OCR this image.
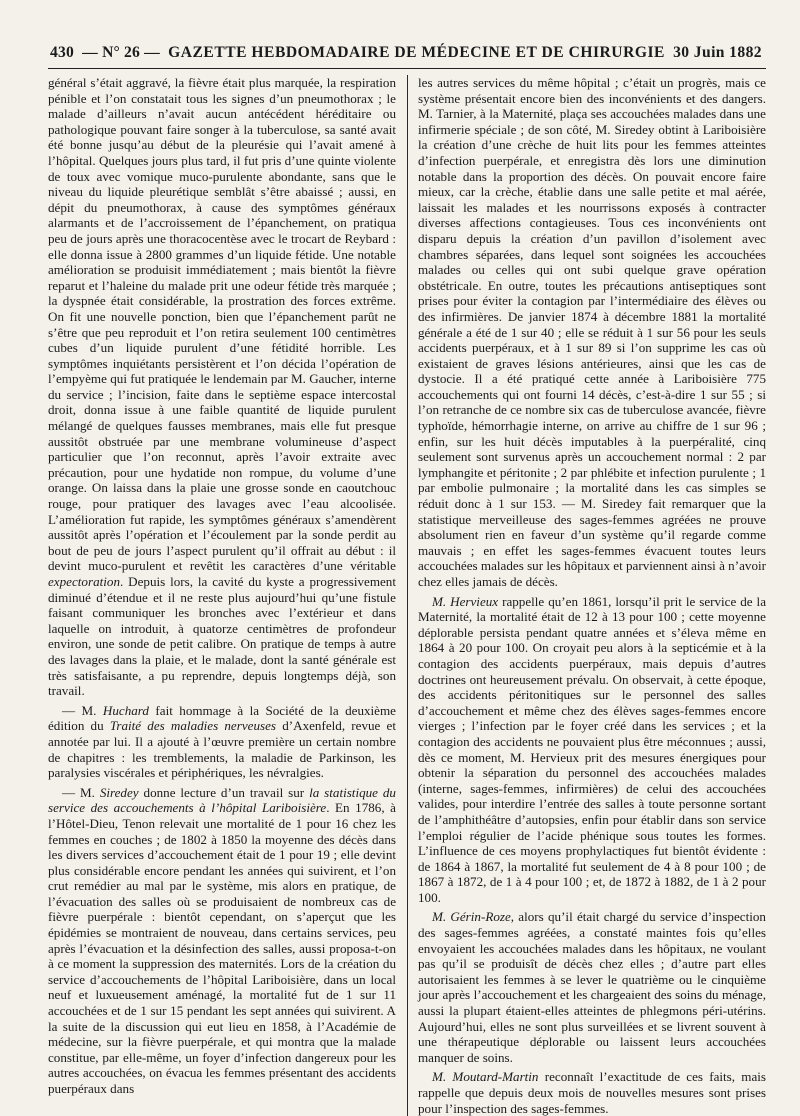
430 — N° 26 — GAZETTE HEBDOMADAIRE DE MÉDECINE ET DE CHIRURGIE 30 Juin 1882

général s’était aggravé, la fièvre était plus marquée, la respiration pénible et l’on constatait tous les signes d’un pneumothorax ; le malade d’ailleurs n’avait aucun antécédent héréditaire ou pathologique pouvant faire songer à la tuberculose, sa santé avait été bonne jusqu’au début de la pleurésie qui l’avait amené à l’hôpital. Quelques jours plus tard, il fut pris d’une quinte violente de toux avec vomique muco-purulente abondante, sans que le niveau du liquide pleurétique semblât s’être abaissé ; aussi, en dépit du pneumothorax, à cause des symptômes généraux alarmants et de l’accroissement de l’épanchement, on pratiqua peu de jours après une thoracocentèse avec le trocart de Reybard : elle donna issue à 2800 grammes d’un liquide fétide. Une notable amélioration se produisit immédiatement ; mais bientôt la fièvre reparut et l’haleine du malade prit une odeur fétide très marquée ; la dyspnée était considérable, la prostration des forces extrême. On fit une nouvelle ponction, bien que l’épanchement parût ne s’être que peu reproduit et l’on retira seulement 100 centimètres cubes d’un liquide purulent d’une fétidité horrible. Les symptômes inquiétants persistèrent et l’on décida l’opération de l’empyème qui fut pratiquée le lendemain par M. Gaucher, interne du service ; l’incision, faite dans le septième espace intercostal droit, donna issue à une faible quantité de liquide purulent mélangé de quelques fausses membranes, mais elle fut presque aussitôt obstruée par une membrane volumineuse d’aspect particulier que l’on reconnut, après l’avoir extraite avec précaution, pour une hydatide non rompue, du volume d’une orange. On laissa dans la plaie une grosse sonde en caoutchouc rouge, pour pratiquer des lavages avec l’eau alcoolisée. L’amélioration fut rapide, les symptômes généraux s’amendèrent aussitôt après l’opération et l’écoulement par la sonde perdit au bout de peu de jours l’aspect purulent qu’il offrait au début : il devint muco-purulent et revêtit les caractères d’une véritable expectoration. Depuis lors, la cavité du kyste a progressivement diminué d’étendue et il ne reste plus aujourd’hui qu’une fistule faisant communiquer les bronches avec l’extérieur et dans laquelle on introduit, à quatorze centimètres de profondeur environ, une sonde de petit calibre. On pratique de temps à autre des lavages dans la plaie, et le malade, dont la santé générale est très satisfaisante, a pu reprendre, depuis longtemps déjà, son travail.

— M. Huchard fait hommage à la Société de la deuxième édition du Traité des maladies nerveuses d’Axenfeld, revue et annotée par lui. Il a ajouté à l’œuvre première un certain nombre de chapitres : les tremblements, la maladie de Parkinson, les paralysies viscérales et périphériques, les névralgies.

— M. Siredey donne lecture d’un travail sur la statistique du service des accouchements à l’hôpital Lariboisière. En 1786, à l’Hôtel-Dieu, Tenon relevait une mortalité de 1 pour 16 chez les femmes en couches ; de 1802 à 1850 la moyenne des décès dans les divers services d’accouchement était de 1 pour 19 ; elle devint plus considérable encore pendant les années qui suivirent, et l’on crut remédier au mal par le système, mis alors en pratique, de l’évacuation des salles où se produisaient de nombreux cas de fièvre puerpérale : bientôt cependant, on s’aperçut que les épidémies se montraient de nouveau, dans certains services, peu après l’évacuation et la désinfection des salles, aussi proposa-t-on à ce moment la suppression des maternités. Lors de la création du service d’accouchements de l’hôpital Lariboisière, dans un local neuf et luxueusement aménagé, la mortalité fut de 1 sur 11 accouchées et de 1 sur 15 pendant les sept années qui suivirent. A la suite de la discussion qui eut lieu en 1858, à l’Académie de médecine, sur la fièvre puerpérale, et qui montra que la malade constitue, par elle-même, un foyer d’infection dangereux pour les autres accouchées, on évacua les femmes présentant des accidents puerpéraux dans

les autres services du même hôpital ; c’était un progrès, mais ce système présentait encore bien des inconvénients et des dangers. M. Tarnier, à la Maternité, plaça ses accouchées malades dans une infirmerie spéciale ; de son côté, M. Siredey obtint à Lariboisière la création d’une crèche de huit lits pour les femmes atteintes d’infection puerpérale, et enregistra dès lors une diminution notable dans la proportion des décès. On pouvait encore faire mieux, car la crèche, établie dans une salle petite et mal aérée, laissait les malades et les nourrissons exposés à contracter diverses affections contagieuses. Tous ces inconvénients ont disparu depuis la création d’un pavillon d’isolement avec chambres séparées, dans lequel sont soignées les accouchées malades ou celles qui ont subi quelque grave opération obstétricale. En outre, toutes les précautions antiseptiques sont prises pour éviter la contagion par l’intermédiaire des élèves ou des infirmières. De janvier 1874 à décembre 1881 la mortalité générale a été de 1 sur 40 ; elle se réduit à 1 sur 56 pour les seuls accidents puerpéraux, et à 1 sur 89 si l’on supprime les cas où existaient de graves lésions antérieures, ainsi que les cas de dystocie. Il a été pratiqué cette année à Lariboisière 775 accouchements qui ont fourni 14 décès, c’est-à-dire 1 sur 55 ; si l’on retranche de ce nombre six cas de tuberculose avancée, fièvre typhoïde, hémorrhagie interne, on arrive au chiffre de 1 sur 96 ; enfin, sur les huit décès imputables à la puerpéralité, cinq seulement sont survenus après un accouchement normal : 2 par lymphangite et péritonite ; 2 par phlébite et infection purulente ; 1 par embolie pulmonaire ; la mortalité dans les cas simples se réduit donc à 1 sur 153. — M. Siredey fait remarquer que la statistique merveilleuse des sages-femmes agréées ne prouve absolument rien en faveur d’un système qu’il regarde comme mauvais ; en effet les sages-femmes évacuent toutes leurs accouchées malades sur les hôpitaux et parviennent ainsi à n’avoir chez elles jamais de décès.

M. Hervieux rappelle qu’en 1861, lorsqu’il prit le service de la Maternité, la mortalité était de 12 à 13 pour 100 ; cette moyenne déplorable persista pendant quatre années et s’éleva même en 1864 à 20 pour 100. On croyait peu alors à la septicémie et à la contagion des accidents puerpéraux, mais depuis d’autres doctrines ont heureusement prévalu. On observait, à cette époque, des accidents péritonitiques sur le personnel des salles d’accouchement et même chez des élèves sages-femmes encore vierges ; l’infection par le foyer créé dans les services ; et la contagion des accidents ne pouvaient plus être méconnues ; aussi, dès ce moment, M. Hervieux prit des mesures énergiques pour obtenir la séparation du personnel des accouchées malades (interne, sages-femmes, infirmières) de celui des accouchées valides, pour interdire l’entrée des salles à toute personne sortant de l’amphithéâtre d’autopsies, enfin pour établir dans son service l’emploi régulier de l’acide phénique sous toutes les formes. L’influence de ces moyens prophylactiques fut bientôt évidente : de 1864 à 1867, la mortalité fut seulement de 4 à 8 pour 100 ; de 1867 à 1872, de 1 à 4 pour 100 ; et, de 1872 à 1882, de 1 à 2 pour 100.

M. Gérin-Roze, alors qu’il était chargé du service d’inspection des sages-femmes agréées, a constaté maintes fois qu’elles envoyaient les accouchées malades dans les hôpitaux, ne voulant pas qu’il se produisît de décès chez elles ; d’autre part elles autorisaient les femmes à se lever le quatrième ou le cinquième jour après l’accouchement et les chargeaient des soins du ménage, aussi la plupart étaient-elles atteintes de phlegmons péri-utérins. Aujourd’hui, elles ne sont plus surveillées et se livrent souvent à une thérapeutique déplorable ou laissent leurs accouchées manquer de soins.

M. Moutard-Martin reconnaît l’exactitude de ces faits, mais rappelle que depuis deux mois de nouvelles mesures sont prises pour l’inspection des sages-femmes.
